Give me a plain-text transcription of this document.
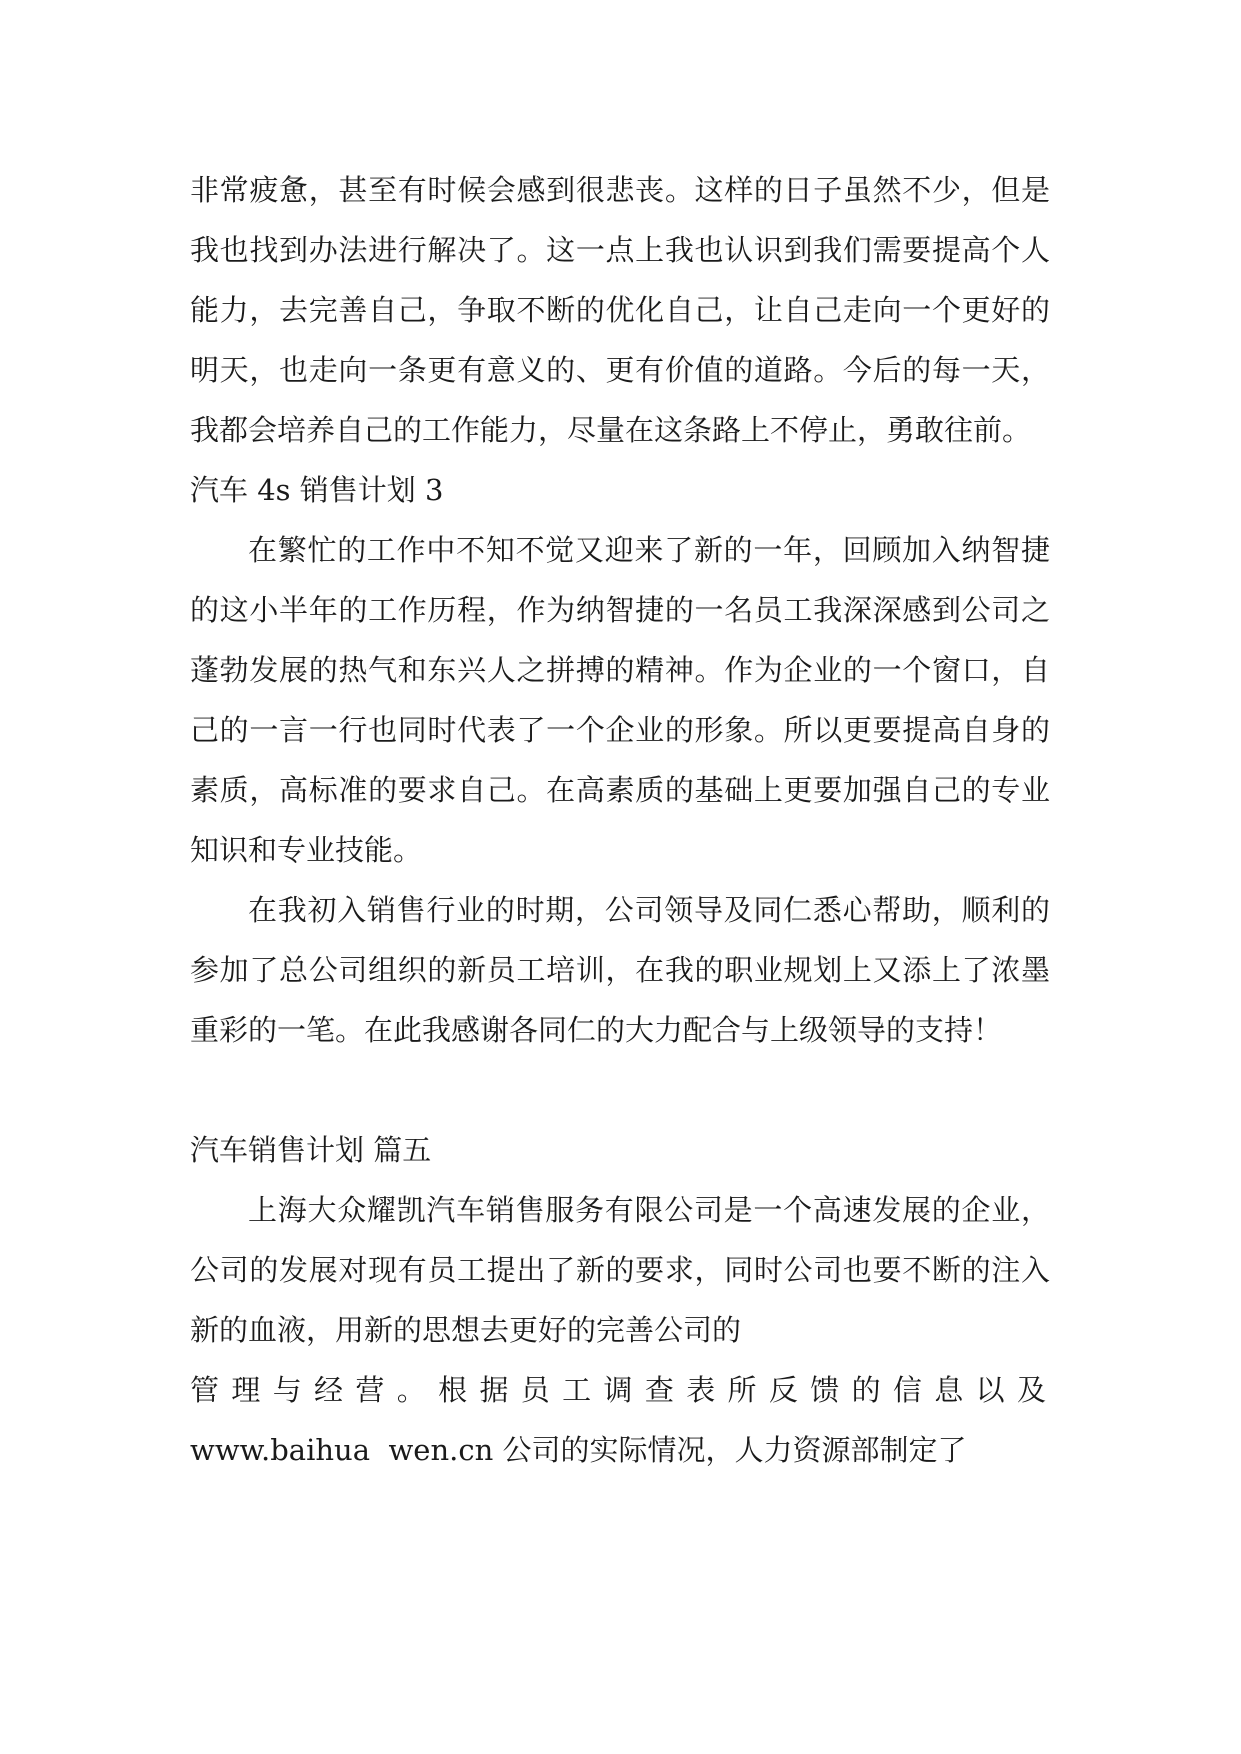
非常疲惫，甚至有时候会感到很悲丧。这样的日子虽然不少，但是我也找到办法进行解决了。这一点上我也认识到我们需要提高个人能力，去完善自己，争取不断的优化自己，让自己走向一个更好的明天，也走向一条更有意义的、更有价值的道路。今后的每一天，我都会培养自己的工作能力，尽量在这条路上不停止，勇敢往前。

汽车 4s 销售计划 3

在繁忙的工作中不知不觉又迎来了新的一年，回顾加入纳智捷的这小半年的工作历程，作为纳智捷的一名员工我深深感到公司之蓬勃发展的热气和东兴人之拼搏的精神。作为企业的一个窗口，自己的一言一行也同时代表了一个企业的形象。所以更要提高自身的素质，高标准的要求自己。在高素质的基础上更要加强自己的专业知识和专业技能。

在我初入销售行业的时期，公司领导及同仁悉心帮助，顺利的参加了总公司组织的新员工培训，在我的职业规划上又添上了浓墨重彩的一笔。在此我感谢各同仁的大力配合与上级领导的支持！

汽车销售计划 篇五

上海大众耀凯汽车销售服务有限公司是一个高速发展的企业，公司的发展对现有员工提出了新的要求，同时公司也要不断的注入新的血液，用新的思想去更好的完善公司的

管理与经营。根据员工调查表所反馈的信息以及

www.baihua  wen.cn 公司的实际情况，人力资源部制定了
